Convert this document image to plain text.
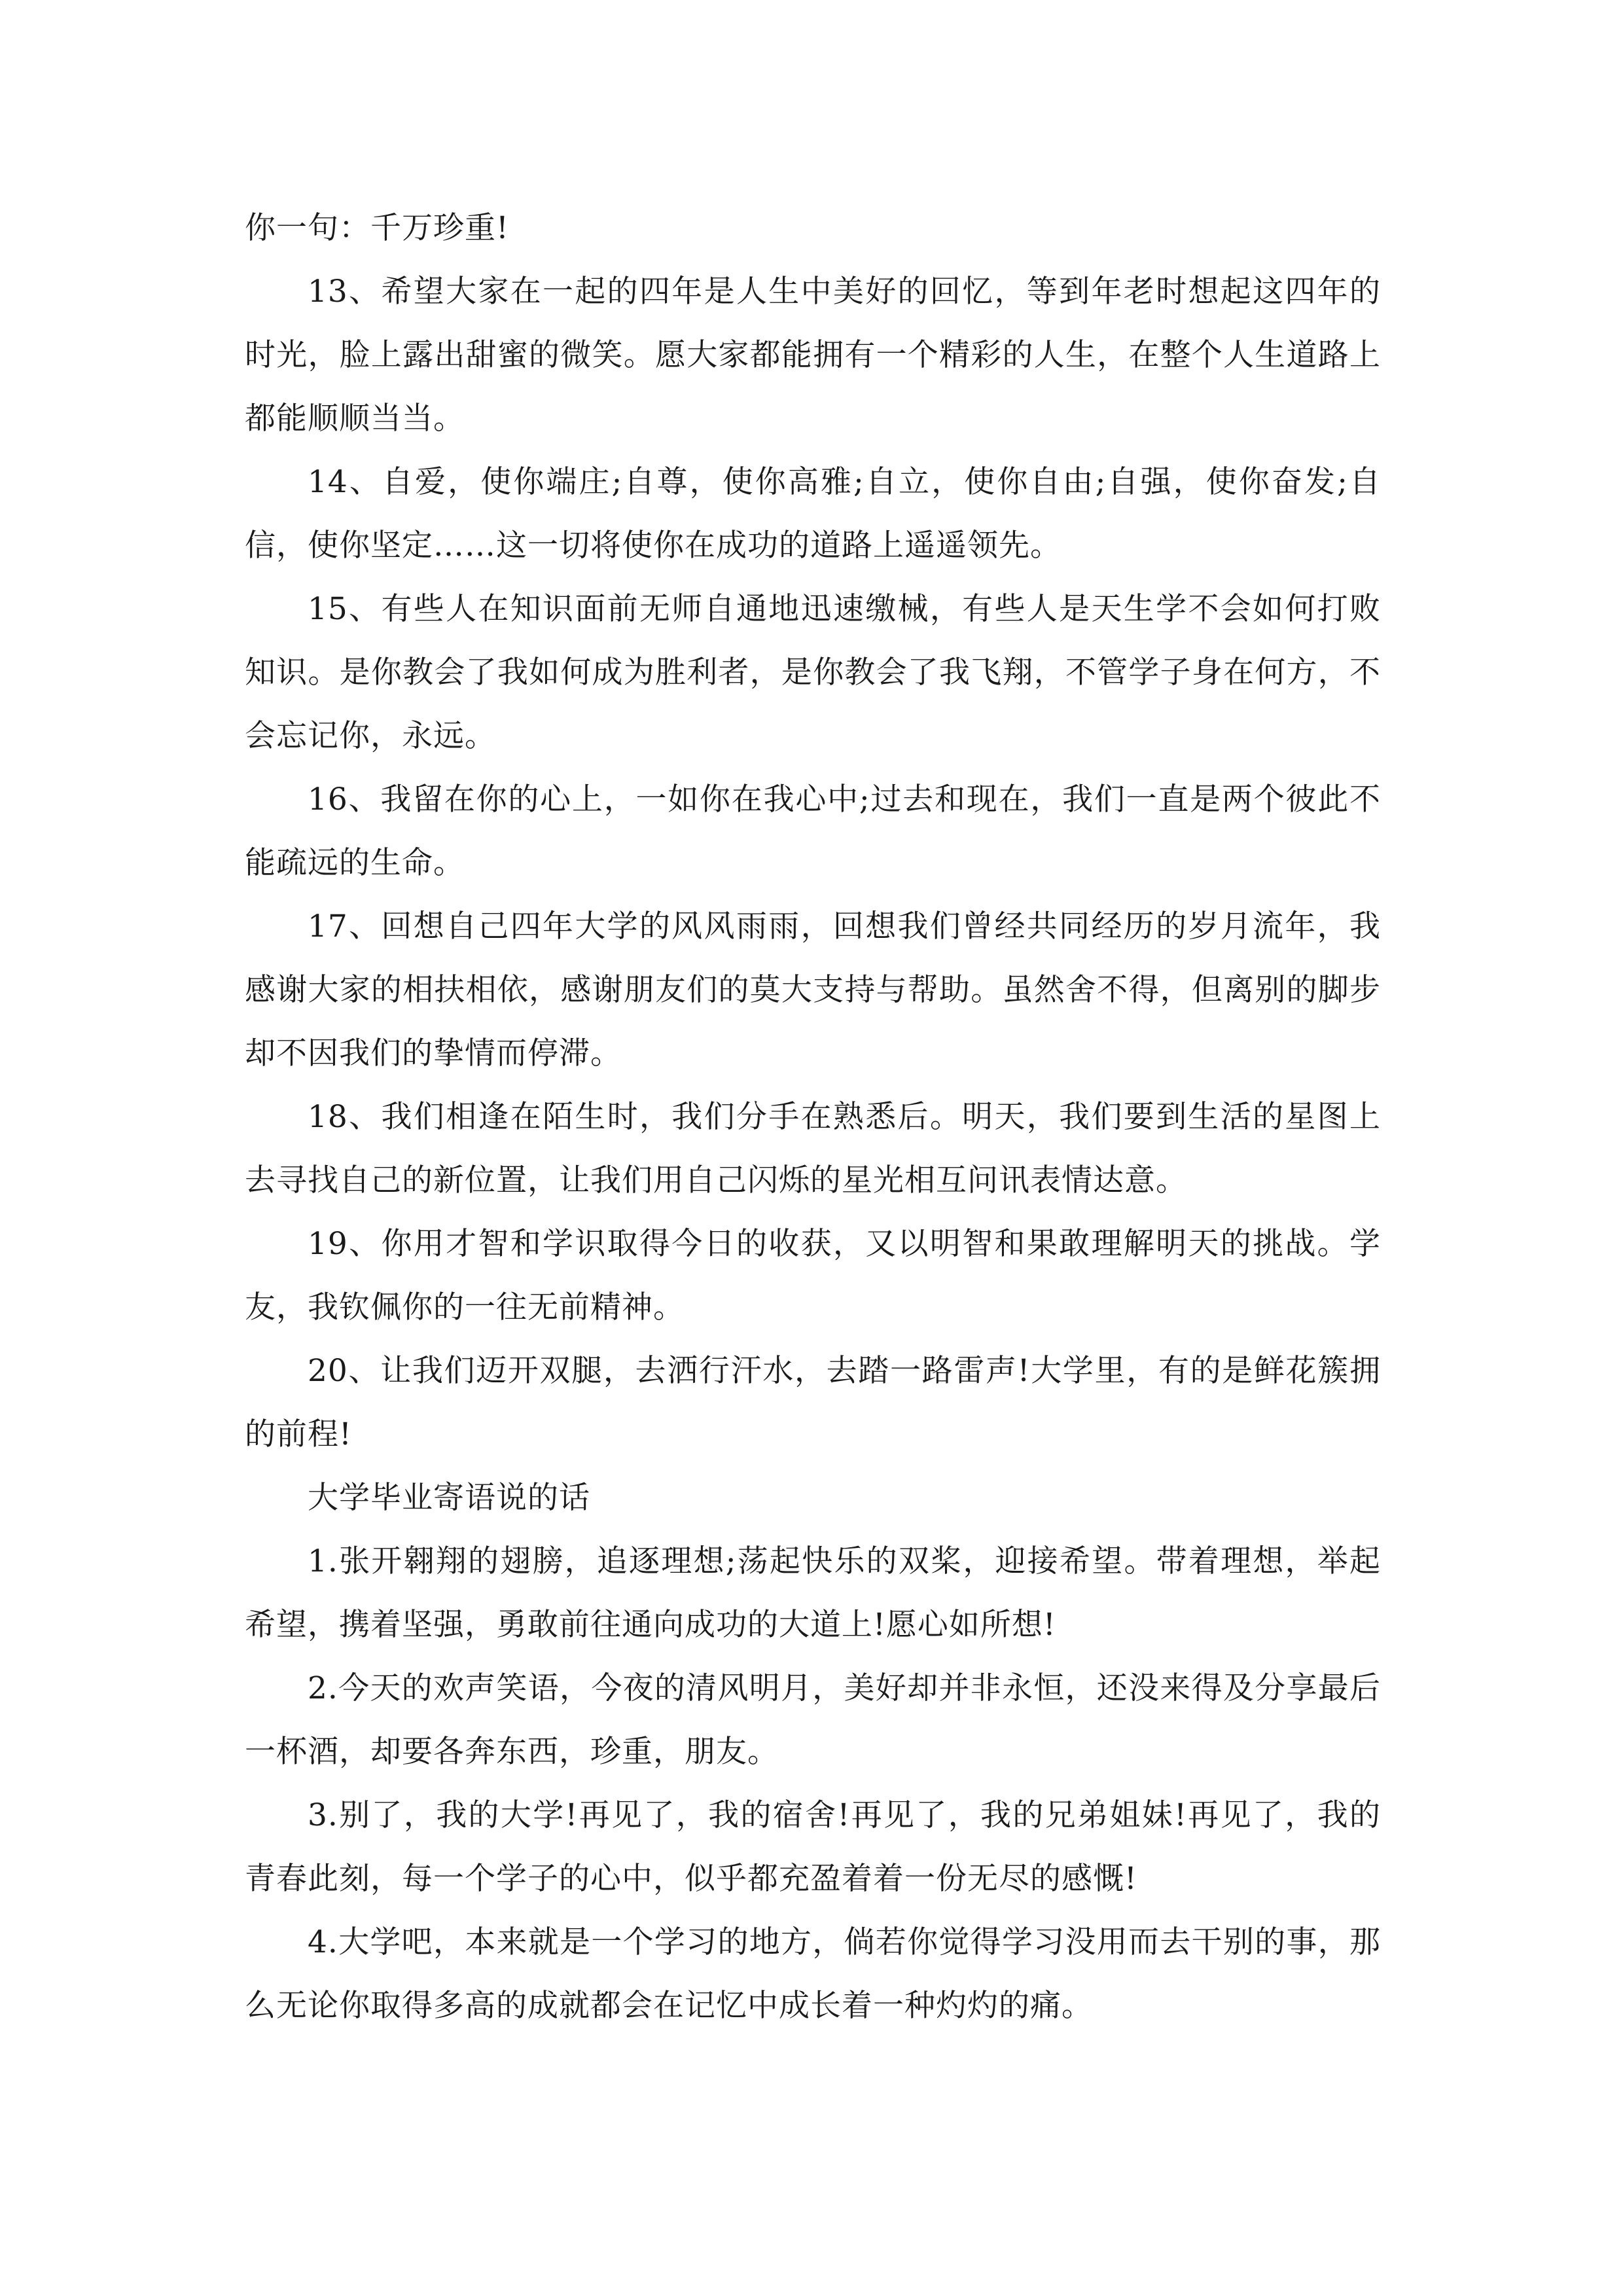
你一句：千万珍重!

13、希望大家在一起的四年是人生中美好的回忆，等到年老时想起这四年的时光，脸上露出甜蜜的微笑。愿大家都能拥有一个精彩的人生，在整个人生道路上都能顺顺当当。

14、自爱，使你端庄;自尊，使你高雅;自立，使你自由;自强，使你奋发;自信，使你坚定……这一切将使你在成功的道路上遥遥领先。

15、有些人在知识面前无师自通地迅速缴械，有些人是天生学不会如何打败知识。是你教会了我如何成为胜利者，是你教会了我飞翔，不管学子身在何方，不会忘记你，永远。

16、我留在你的心上，一如你在我心中;过去和现在，我们一直是两个彼此不能疏远的生命。

17、回想自己四年大学的风风雨雨，回想我们曾经共同经历的岁月流年，我感谢大家的相扶相依，感谢朋友们的莫大支持与帮助。虽然舍不得，但离别的脚步却不因我们的挚情而停滞。

18、我们相逢在陌生时，我们分手在熟悉后。明天，我们要到生活的星图上去寻找自己的新位置，让我们用自己闪烁的星光相互问讯表情达意。

19、你用才智和学识取得今日的收获，又以明智和果敢理解明天的挑战。学友，我钦佩你的一往无前精神。

20、让我们迈开双腿，去洒行汗水，去踏一路雷声!大学里，有的是鲜花簇拥的前程!

大学毕业寄语说的话

1.张开翱翔的翅膀，追逐理想;荡起快乐的双桨，迎接希望。带着理想，举起希望，携着坚强，勇敢前往通向成功的大道上!愿心如所想!

2.今天的欢声笑语，今夜的清风明月，美好却并非永恒，还没来得及分享最后一杯酒，却要各奔东西，珍重，朋友。

3.别了，我的大学!再见了，我的宿舍!再见了，我的兄弟姐妹!再见了，我的青春此刻，每一个学子的心中，似乎都充盈着着一份无尽的感慨!

4.大学吧，本来就是一个学习的地方，倘若你觉得学习没用而去干别的事，那么无论你取得多高的成就都会在记忆中成长着一种灼灼的痛。
